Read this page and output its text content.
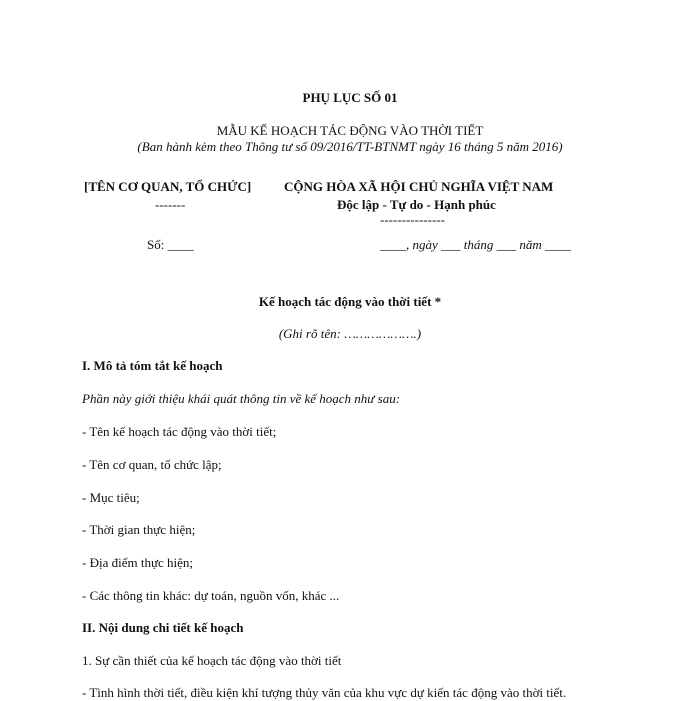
PHỤ LỤC SỐ 01
MẪU KẾ HOẠCH TÁC ĐỘNG VÀO THỜI TIẾT
(Ban hành kèm theo Thông tư số 09/2016/TT-BTNMT ngày 16 tháng 5 năm 2016)
[TÊN CƠ QUAN, TỔ CHỨC]
-------
CỘNG HÒA XÃ HỘI CHỦ NGHĨA VIỆT NAM
Độc lập - Tự do - Hạnh phúc
---------------
Số: ____	____, ngày ___ tháng ___ năm ____
Kế hoạch tác động vào thời tiết *
(Ghi rõ tên: ……………….)
I. Mô tả tóm tắt kế hoạch
Phần này giới thiệu khái quát thông tin về kế hoạch như sau:
- Tên kế hoạch tác động vào thời tiết;
- Tên cơ quan, tổ chức lập;
- Mục tiêu;
- Thời gian thực hiện;
- Địa điểm thực hiện;
- Các thông tin khác: dự toán, nguồn vốn, khác ...
II. Nội dung chi tiết kế hoạch
1. Sự cần thiết của kế hoạch tác động vào thời tiết
- Tình hình thời tiết, điều kiện khí tượng thủy văn của khu vực dự kiến tác động vào thời tiết.
